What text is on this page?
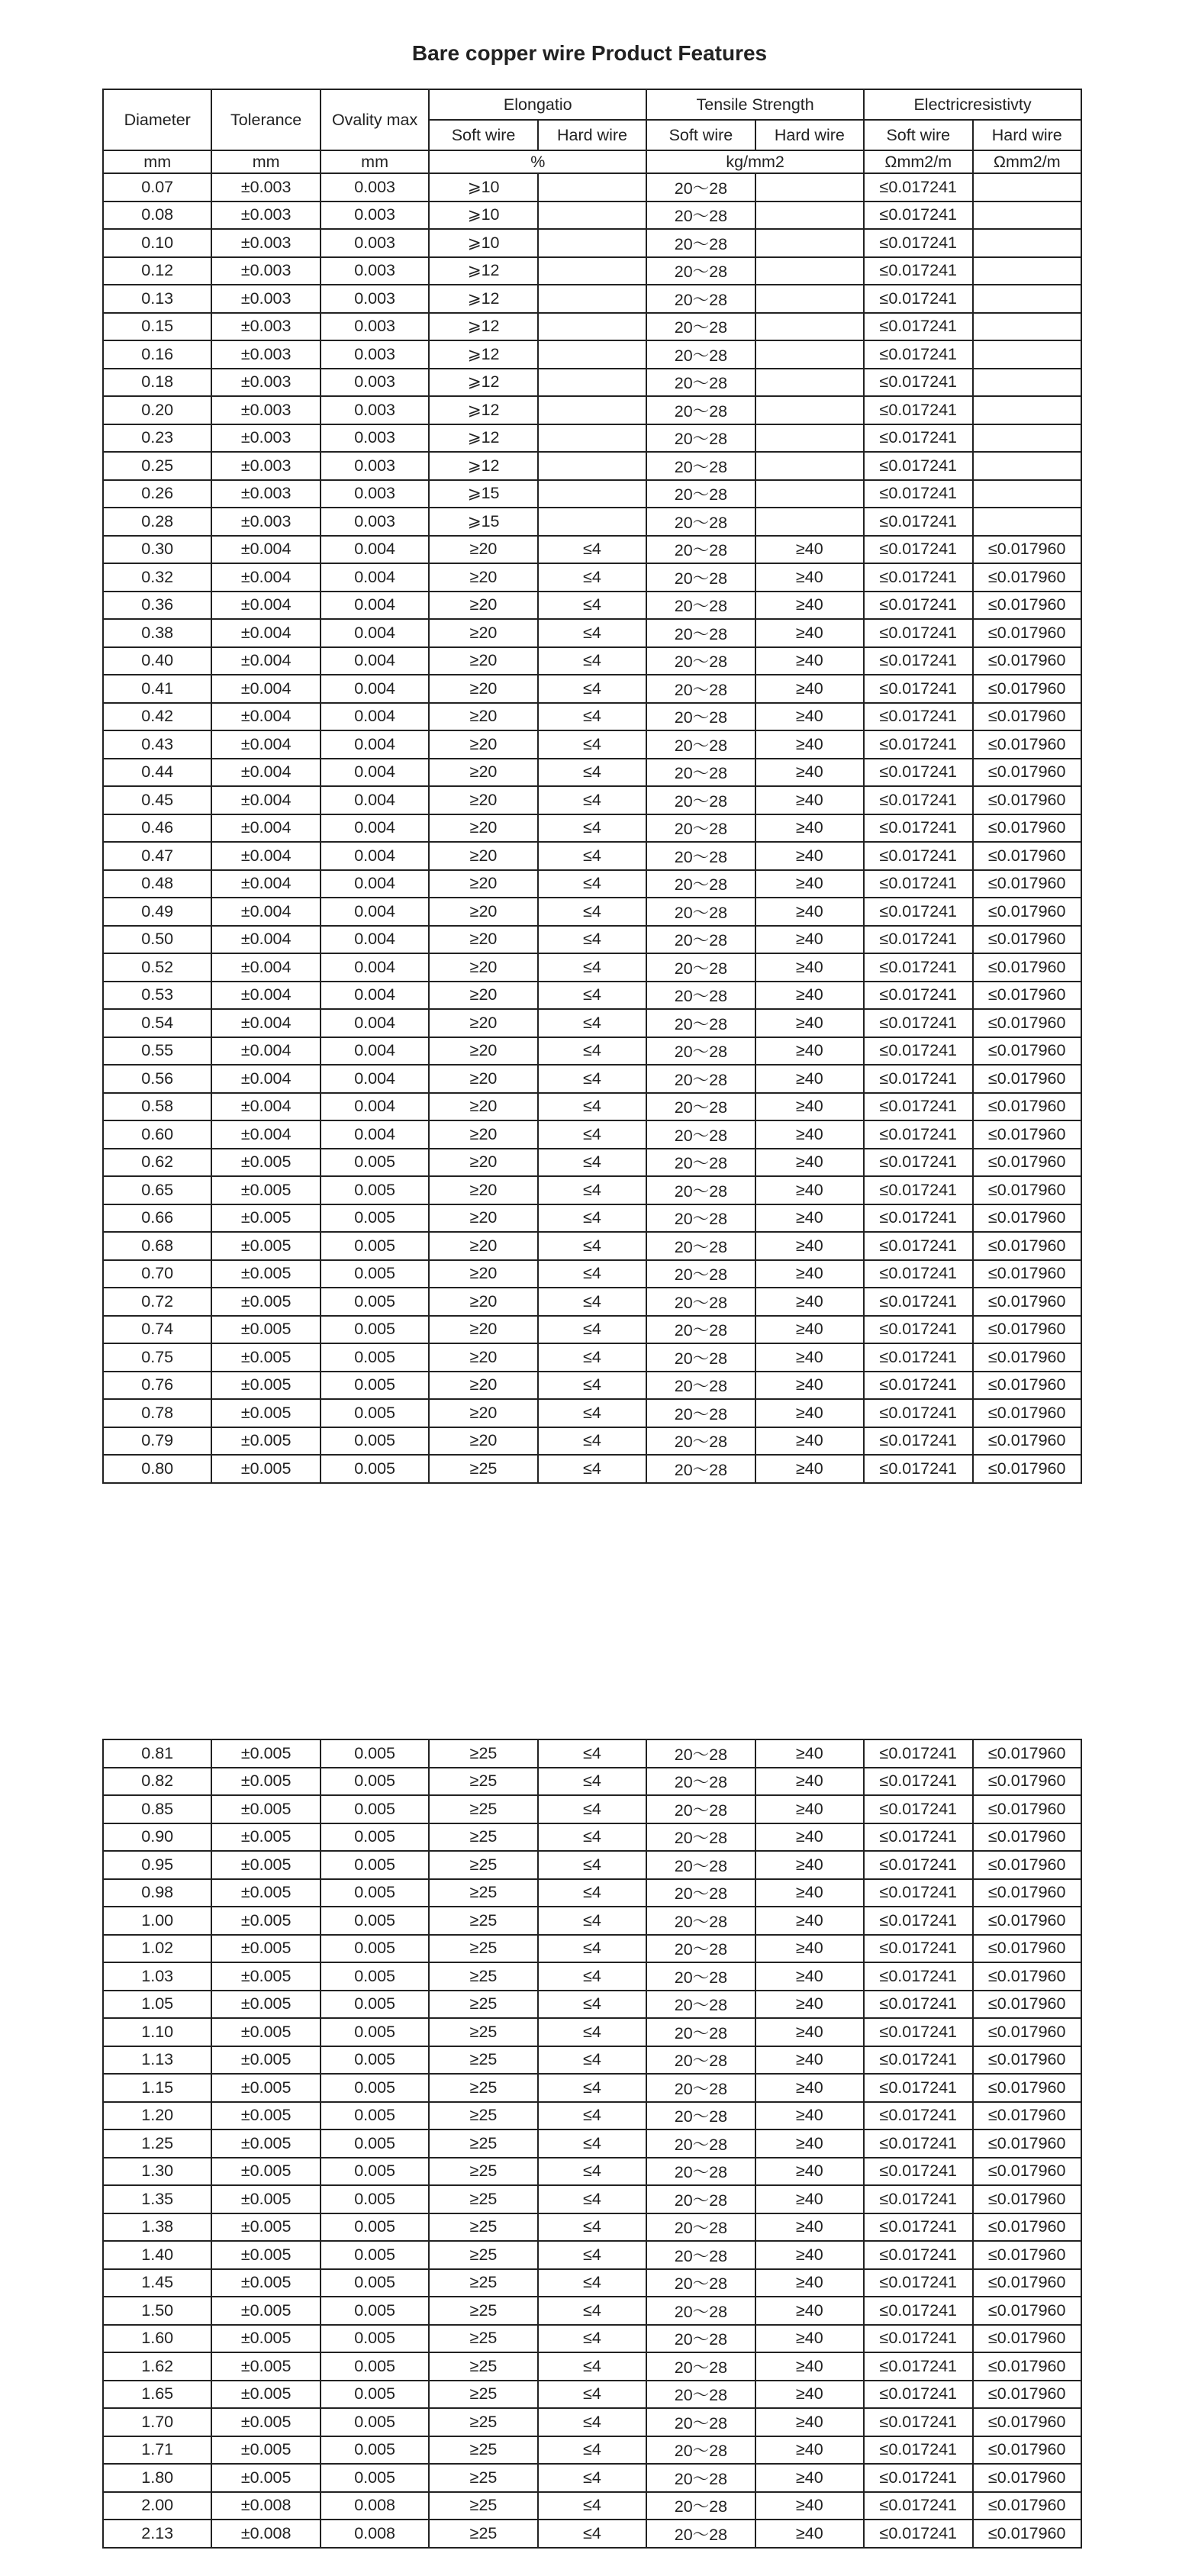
Bare copper wire Product Features
Diameter	Tolerance	Ovality max	Elongatio		Tensile Strength		Electricresistivty	
			Soft wire	Hard wire	Soft wire	Hard wire	Soft wire	Hard wire
mm	mm	mm	%		kg/mm2		Ωmm2/m	Ωmm2/m
0.07	±0.003	0.003	⩾10		20～28		≤0.017241	
0.08	±0.003	0.003	⩾10		20～28		≤0.017241	
0.10	±0.003	0.003	⩾10		20～28		≤0.017241	
0.12	±0.003	0.003	⩾12		20～28		≤0.017241	
0.13	±0.003	0.003	⩾12		20～28		≤0.017241	
0.15	±0.003	0.003	⩾12		20～28		≤0.017241	
0.16	±0.003	0.003	⩾12		20～28		≤0.017241	
0.18	±0.003	0.003	⩾12		20～28		≤0.017241	
0.20	±0.003	0.003	⩾12		20～28		≤0.017241	
0.23	±0.003	0.003	⩾12		20～28		≤0.017241	
0.25	±0.003	0.003	⩾12		20～28		≤0.017241	
0.26	±0.003	0.003	⩾15		20～28		≤0.017241	
0.28	±0.003	0.003	⩾15		20～28		≤0.017241	
0.30	±0.004	0.004	≥20	≤4	20～28	≥40	≤0.017241	≤0.017960
0.32	±0.004	0.004	≥20	≤4	20～28	≥40	≤0.017241	≤0.017960
0.36	±0.004	0.004	≥20	≤4	20～28	≥40	≤0.017241	≤0.017960
0.38	±0.004	0.004	≥20	≤4	20～28	≥40	≤0.017241	≤0.017960
0.40	±0.004	0.004	≥20	≤4	20～28	≥40	≤0.017241	≤0.017960
0.41	±0.004	0.004	≥20	≤4	20～28	≥40	≤0.017241	≤0.017960
0.42	±0.004	0.004	≥20	≤4	20～28	≥40	≤0.017241	≤0.017960
0.43	±0.004	0.004	≥20	≤4	20～28	≥40	≤0.017241	≤0.017960
0.44	±0.004	0.004	≥20	≤4	20～28	≥40	≤0.017241	≤0.017960
0.45	±0.004	0.004	≥20	≤4	20～28	≥40	≤0.017241	≤0.017960
0.46	±0.004	0.004	≥20	≤4	20～28	≥40	≤0.017241	≤0.017960
0.47	±0.004	0.004	≥20	≤4	20～28	≥40	≤0.017241	≤0.017960
0.48	±0.004	0.004	≥20	≤4	20～28	≥40	≤0.017241	≤0.017960
0.49	±0.004	0.004	≥20	≤4	20～28	≥40	≤0.017241	≤0.017960
0.50	±0.004	0.004	≥20	≤4	20～28	≥40	≤0.017241	≤0.017960
0.52	±0.004	0.004	≥20	≤4	20～28	≥40	≤0.017241	≤0.017960
0.53	±0.004	0.004	≥20	≤4	20～28	≥40	≤0.017241	≤0.017960
0.54	±0.004	0.004	≥20	≤4	20～28	≥40	≤0.017241	≤0.017960
0.55	±0.004	0.004	≥20	≤4	20～28	≥40	≤0.017241	≤0.017960
0.56	±0.004	0.004	≥20	≤4	20～28	≥40	≤0.017241	≤0.017960
0.58	±0.004	0.004	≥20	≤4	20～28	≥40	≤0.017241	≤0.017960
0.60	±0.004	0.004	≥20	≤4	20～28	≥40	≤0.017241	≤0.017960
0.62	±0.005	0.005	≥20	≤4	20～28	≥40	≤0.017241	≤0.017960
0.65	±0.005	0.005	≥20	≤4	20～28	≥40	≤0.017241	≤0.017960
0.66	±0.005	0.005	≥20	≤4	20～28	≥40	≤0.017241	≤0.017960
0.68	±0.005	0.005	≥20	≤4	20～28	≥40	≤0.017241	≤0.017960
0.70	±0.005	0.005	≥20	≤4	20～28	≥40	≤0.017241	≤0.017960
0.72	±0.005	0.005	≥20	≤4	20～28	≥40	≤0.017241	≤0.017960
0.74	±0.005	0.005	≥20	≤4	20～28	≥40	≤0.017241	≤0.017960
0.75	±0.005	0.005	≥20	≤4	20～28	≥40	≤0.017241	≤0.017960
0.76	±0.005	0.005	≥20	≤4	20～28	≥40	≤0.017241	≤0.017960
0.78	±0.005	0.005	≥20	≤4	20～28	≥40	≤0.017241	≤0.017960
0.79	±0.005	0.005	≥20	≤4	20～28	≥40	≤0.017241	≤0.017960
0.80	±0.005	0.005	≥25	≤4	20～28	≥40	≤0.017241	≤0.017960
0.81	±0.005	0.005	≥25	≤4	20～28	≥40	≤0.017241	≤0.017960
0.82	±0.005	0.005	≥25	≤4	20～28	≥40	≤0.017241	≤0.017960
0.85	±0.005	0.005	≥25	≤4	20～28	≥40	≤0.017241	≤0.017960
0.90	±0.005	0.005	≥25	≤4	20～28	≥40	≤0.017241	≤0.017960
0.95	±0.005	0.005	≥25	≤4	20～28	≥40	≤0.017241	≤0.017960
0.98	±0.005	0.005	≥25	≤4	20～28	≥40	≤0.017241	≤0.017960
1.00	±0.005	0.005	≥25	≤4	20～28	≥40	≤0.017241	≤0.017960
1.02	±0.005	0.005	≥25	≤4	20～28	≥40	≤0.017241	≤0.017960
1.03	±0.005	0.005	≥25	≤4	20～28	≥40	≤0.017241	≤0.017960
1.05	±0.005	0.005	≥25	≤4	20～28	≥40	≤0.017241	≤0.017960
1.10	±0.005	0.005	≥25	≤4	20～28	≥40	≤0.017241	≤0.017960
1.13	±0.005	0.005	≥25	≤4	20～28	≥40	≤0.017241	≤0.017960
1.15	±0.005	0.005	≥25	≤4	20～28	≥40	≤0.017241	≤0.017960
1.20	±0.005	0.005	≥25	≤4	20～28	≥40	≤0.017241	≤0.017960
1.25	±0.005	0.005	≥25	≤4	20～28	≥40	≤0.017241	≤0.017960
1.30	±0.005	0.005	≥25	≤4	20～28	≥40	≤0.017241	≤0.017960
1.35	±0.005	0.005	≥25	≤4	20～28	≥40	≤0.017241	≤0.017960
1.38	±0.005	0.005	≥25	≤4	20～28	≥40	≤0.017241	≤0.017960
1.40	±0.005	0.005	≥25	≤4	20～28	≥40	≤0.017241	≤0.017960
1.45	±0.005	0.005	≥25	≤4	20～28	≥40	≤0.017241	≤0.017960
1.50	±0.005	0.005	≥25	≤4	20～28	≥40	≤0.017241	≤0.017960
1.60	±0.005	0.005	≥25	≤4	20～28	≥40	≤0.017241	≤0.017960
1.62	±0.005	0.005	≥25	≤4	20～28	≥40	≤0.017241	≤0.017960
1.65	±0.005	0.005	≥25	≤4	20～28	≥40	≤0.017241	≤0.017960
1.70	±0.005	0.005	≥25	≤4	20～28	≥40	≤0.017241	≤0.017960
1.71	±0.005	0.005	≥25	≤4	20～28	≥40	≤0.017241	≤0.017960
1.80	±0.005	0.005	≥25	≤4	20～28	≥40	≤0.017241	≤0.017960
2.00	±0.008	0.008	≥25	≤4	20～28	≥40	≤0.017241	≤0.017960
2.13	±0.008	0.008	≥25	≤4	20～28	≥40	≤0.017241	≤0.017960
